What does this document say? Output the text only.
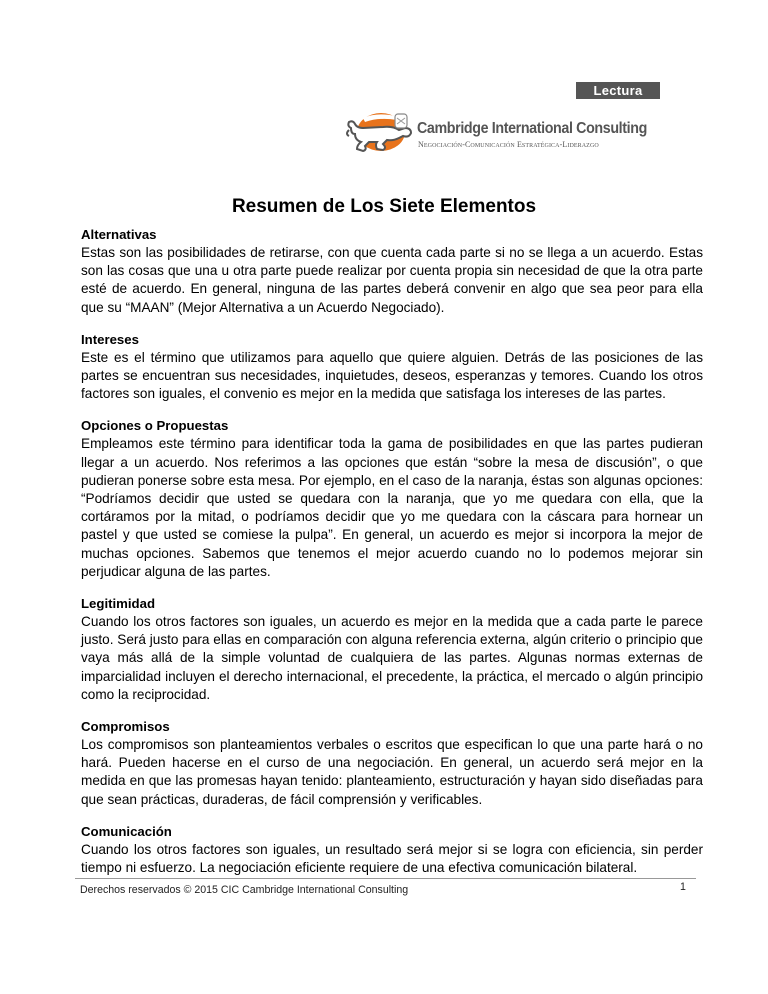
Lectura
Cambridge International Consulting
Negociación-Comunicación Estratégica-Liderazgo
Resumen de Los Siete Elementos
Alternativas

Estas son las posibilidades de retirarse, con que cuenta cada parte si no se llega a un acuerdo. Estas son las cosas que una u otra parte puede realizar por cuenta propia sin necesidad de que la otra parte esté de acuerdo. En general, ninguna de las partes deberá convenir en algo que sea peor para ella que su “MAAN” (Mejor Alternativa a un Acuerdo Negociado).

Intereses

Este es el término que utilizamos para aquello que quiere alguien. Detrás de las posiciones de las partes se encuentran sus necesidades, inquietudes, deseos, esperanzas y temores. Cuando los otros factores son iguales, el convenio es mejor en la medida que satisfaga los intereses de las partes.

Opciones o Propuestas

Empleamos este término para identificar toda la gama de posibilidades en que las partes pudieran llegar a un acuerdo. Nos referimos a las opciones que están “sobre la mesa de discusión”, o que pudieran ponerse sobre esta mesa. Por ejemplo, en el caso de la naranja, éstas son algunas opciones: “Podríamos decidir que usted se quedara con la naranja, que yo me quedara con ella, que la cortáramos por la mitad, o podríamos decidir que yo me quedara con la cáscara para hornear un pastel y que usted se comiese la pulpa”. En general, un acuerdo es mejor si incorpora la mejor de muchas opciones. Sabemos que tenemos el mejor acuerdo cuando no lo podemos mejorar sin perjudicar alguna de las partes.

Legitimidad

Cuando los otros factores son iguales, un acuerdo es mejor en la medida que a cada parte le parece justo. Será justo para ellas en comparación con alguna referencia externa, algún criterio o principio que vaya más allá de la simple voluntad de cualquiera de las partes. Algunas normas externas de imparcialidad incluyen el derecho internacional, el precedente, la práctica, el mercado o algún principio como la reciprocidad.

Compromisos

Los compromisos son planteamientos verbales o escritos que especifican lo que una parte hará o no hará. Pueden hacerse en el curso de una negociación. En general, un acuerdo será mejor en la medida en que las promesas hayan tenido: planteamiento, estructuración y hayan sido diseñadas para que sean prácticas, duraderas, de fácil comprensión y verificables.

Comunicación

Cuando los otros factores son iguales, un resultado será mejor si se logra con eficiencia, sin perder tiempo ni esfuerzo. La negociación eficiente requiere de una efectiva comunicación bilateral.

Derechos reservados © 2015 CIC Cambridge International Consulting	1
